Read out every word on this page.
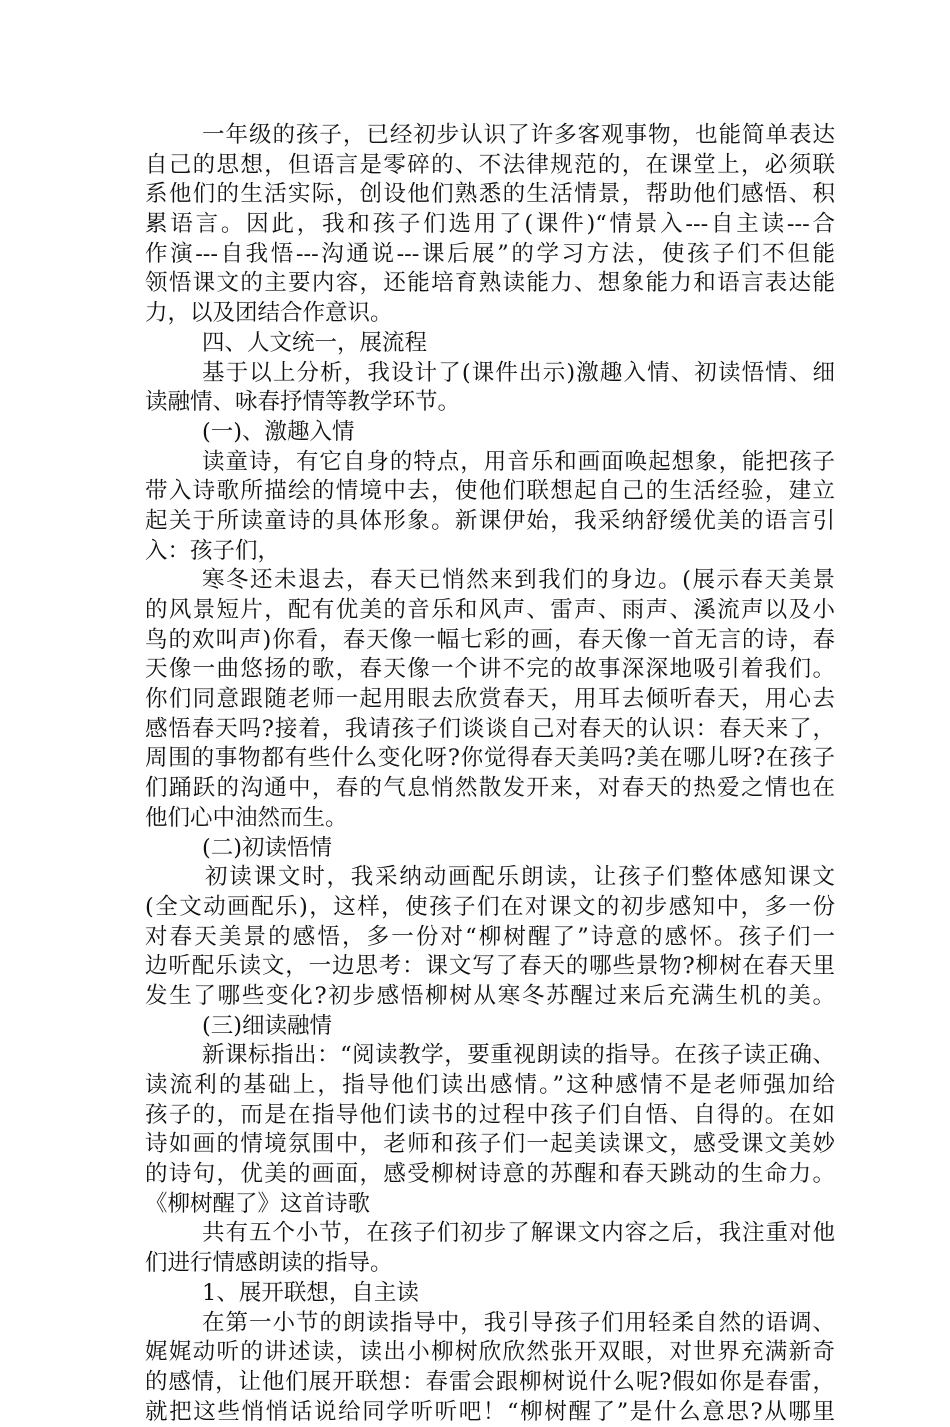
一年级的孩子，已经初步认识了许多客观事物，也能简单表达
自己的思想，但语言是零碎的、不法律规范的，在课堂上，必须联
系他们的生活实际，创设他们熟悉的生活情景，帮助他们感悟、积
累语言。因此，我和孩子们选用了(课件)“情景入---自主读---合
作演---自我悟---沟通说---课后展”的学习方法，使孩子们不但能
领悟课文的主要内容，还能培育熟读能力、想象能力和语言表达能
力，以及团结合作意识。
四、人文统一，展流程
基于以上分析，我设计了(课件出示)激趣入情、初读悟情、细
读融情、咏春抒情等教学环节。
(一)、激趣入情
读童诗，有它自身的特点，用音乐和画面唤起想象，能把孩子
带入诗歌所描绘的情境中去，使他们联想起自己的生活经验，建立
起关于所读童诗的具体形象。新课伊始，我采纳舒缓优美的语言引
入：孩子们，
寒冬还未退去，春天已悄然来到我们的身边。(展示春天美景
的风景短片，配有优美的音乐和风声、雷声、雨声、溪流声以及小
鸟的欢叫声)你看，春天像一幅七彩的画，春天像一首无言的诗，春
天像一曲悠扬的歌，春天像一个讲不完的故事深深地吸引着我们。
你们同意跟随老师一起用眼去欣赏春天，用耳去倾听春天，用心去
感悟春天吗?接着，我请孩子们谈谈自己对春天的认识：春天来了，
周围的事物都有些什么变化呀?你觉得春天美吗?美在哪儿呀?在孩子
们踊跃的沟通中，春的气息悄然散发开来，对春天的热爱之情也在
他们心中油然而生。
(二)初读悟情
初读课文时，我采纳动画配乐朗读，让孩子们整体感知课文
(全文动画配乐)，这样，使孩子们在对课文的初步感知中，多一份
对春天美景的感悟，多一份对“柳树醒了”诗意的感怀。孩子们一
边听配乐读文，一边思考：课文写了春天的哪些景物?柳树在春天里
发生了哪些变化?初步感悟柳树从寒冬苏醒过来后充满生机的美。
(三)细读融情
新课标指出：“阅读教学，要重视朗读的指导。在孩子读正确、
读流利的基础上，指导他们读出感情。”这种感情不是老师强加给
孩子的，而是在指导他们读书的过程中孩子们自悟、自得的。在如
诗如画的情境氛围中，老师和孩子们一起美读课文，感受课文美妙
的诗句，优美的画面，感受柳树诗意的苏醒和春天跳动的生命力。
《柳树醒了》这首诗歌
共有五个小节，在孩子们初步了解课文内容之后，我注重对他
们进行情感朗读的指导。
1、展开联想，自主读
在第一小节的朗读指导中，我引导孩子们用轻柔自然的语调、
娓娓动听的讲述读，读出小柳树欣欣然张开双眼，对世界充满新奇
的感情，让他们展开联想：春雷会跟柳树说什么呢?假如你是春雷，
就把这些悄悄话说给同学听听吧！“柳树醒了”是什么意思?从哪里
